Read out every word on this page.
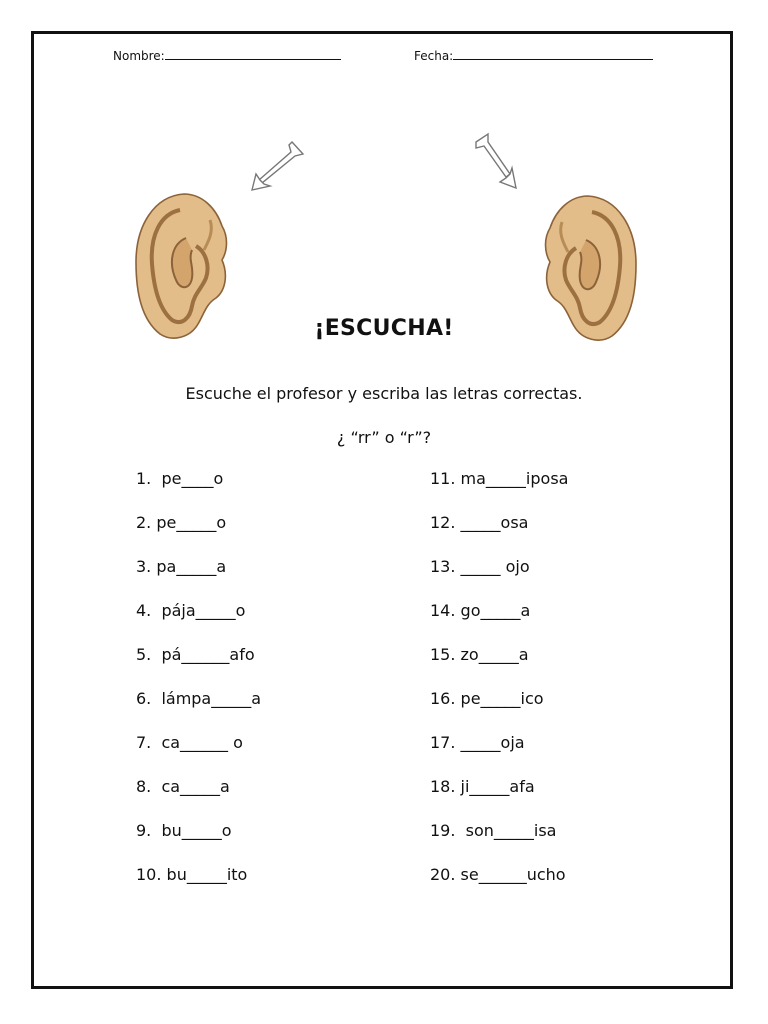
Nombre:	Fecha:
¡ESCUCHA!
Escuche el profesor y escriba las letras correctas.
¿ “rr” o “r”?
1.  pe____o
2. pe_____o
3. pa_____a
4.  pája_____o
5.  pá______afo
6.  lámpa_____a
7.  ca______ o
8.  ca_____a
9.  bu_____o
10. bu_____ito
11. ma_____iposa
12. _____osa
13. _____ ojo
14. go_____a
15. zo_____a
16. pe_____ico
17. _____oja
18. ji_____afa
19.  son_____isa
20. se______ucho
